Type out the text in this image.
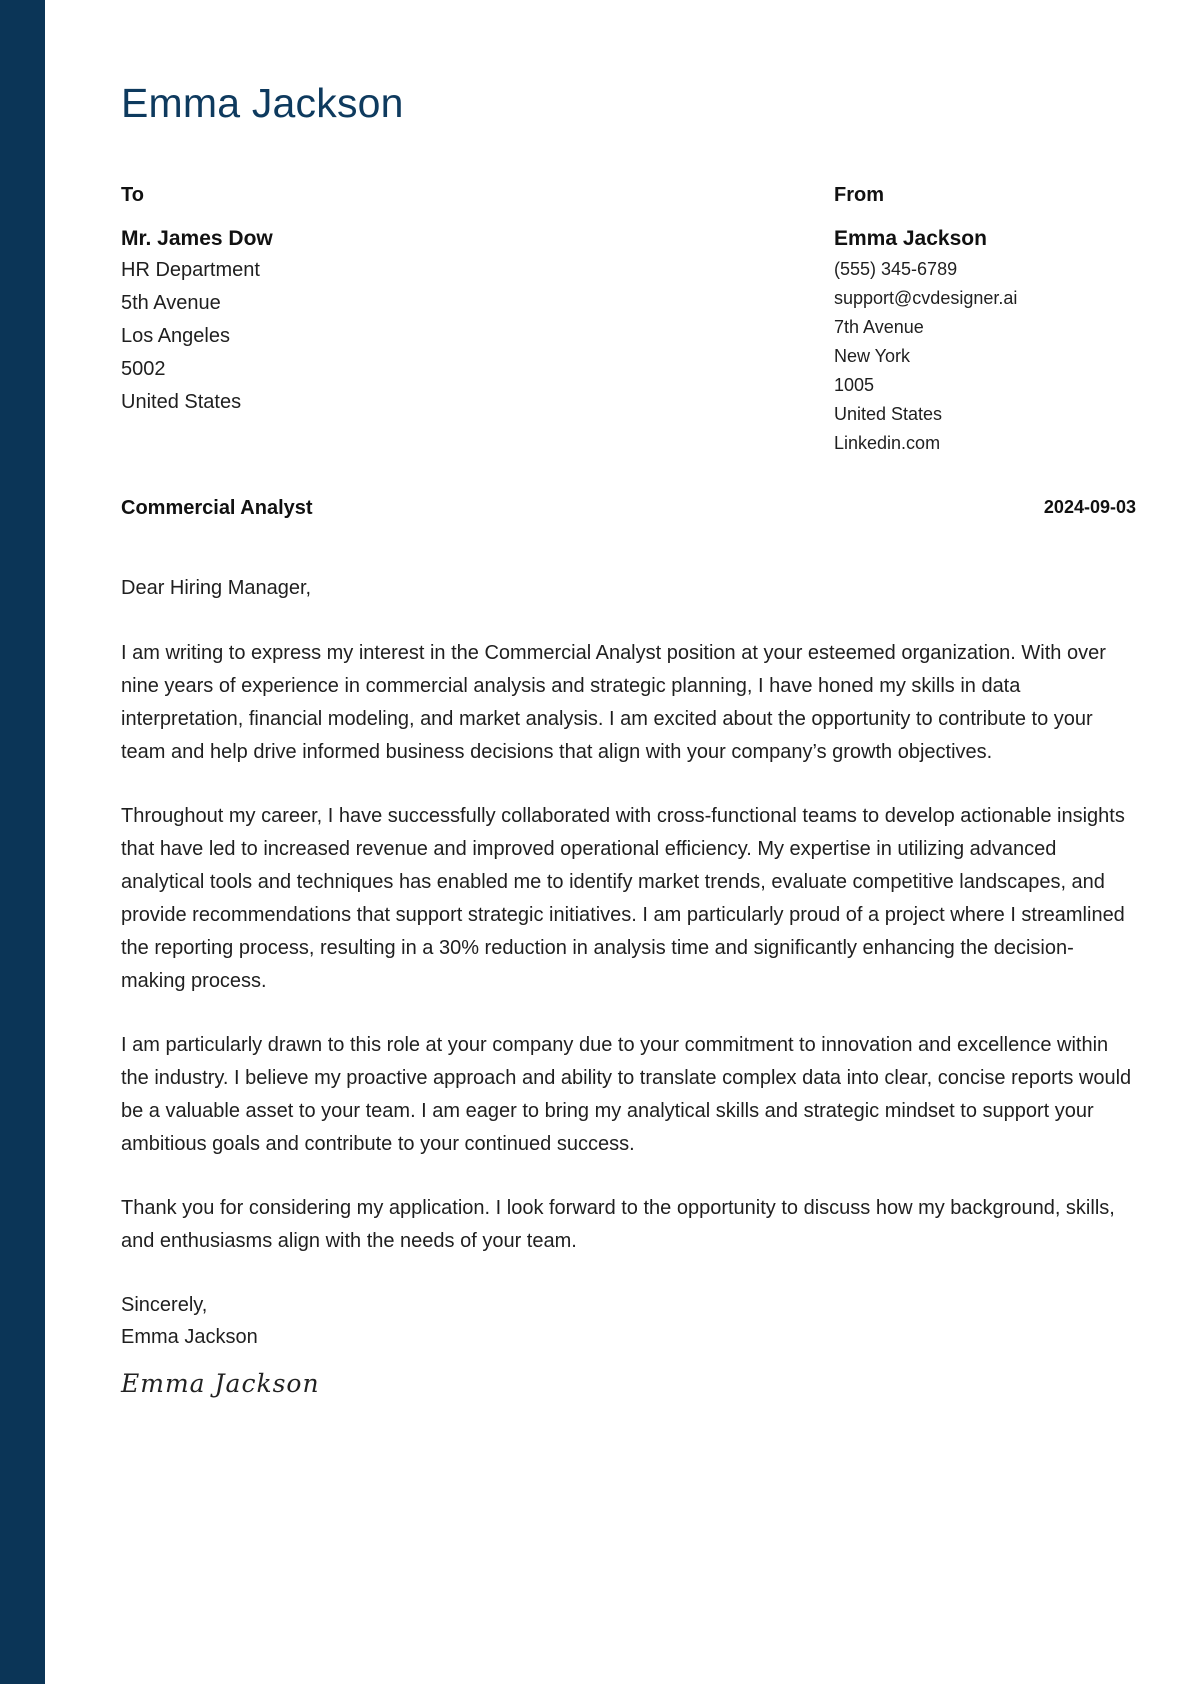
Emma Jackson
To
Mr. James Dow
HR Department
5th Avenue
Los Angeles
5002
United States
From
Emma Jackson
(555) 345-6789
support@cvdesigner.ai
7th Avenue
New York
1005
United States
Linkedin.com
Commercial Analyst	2024-09-03

Dear Hiring Manager,

I am writing to express my interest in the Commercial Analyst position at your esteemed organization. With over nine years of experience in commercial analysis and strategic planning, I have honed my skills in data interpretation, financial modeling, and market analysis. I am excited about the opportunity to contribute to your team and help drive informed business decisions that align with your company’s growth objectives.

Throughout my career, I have successfully collaborated with cross-functional teams to develop actionable insights that have led to increased revenue and improved operational efficiency. My expertise in utilizing advanced analytical tools and techniques has enabled me to identify market trends, evaluate competitive landscapes, and provide recommendations that support strategic initiatives. I am particularly proud of a project where I streamlined the reporting process, resulting in a 30% reduction in analysis time and significantly enhancing the decision-making process.

I am particularly drawn to this role at your company due to your commitment to innovation and excellence within the industry. I believe my proactive approach and ability to translate complex data into clear, concise reports would be a valuable asset to your team. I am eager to bring my analytical skills and strategic mindset to support your ambitious goals and contribute to your continued success.

Thank you for considering my application. I look forward to the opportunity to discuss how my background, skills, and enthusiasms align with the needs of your team.

Sincerely,
Emma Jackson
Emma Jackson
